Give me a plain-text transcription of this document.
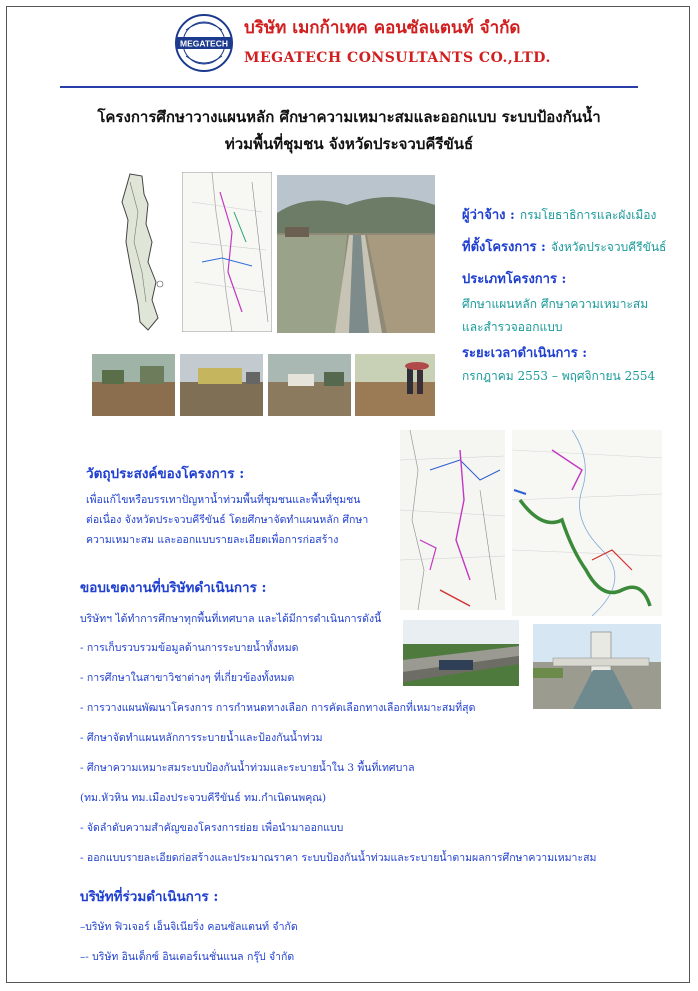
MEGATECH
บริษัท เมกก้าเทค คอนซัลแตนท์ จำกัด
MEGATECH CONSULTANTS CO.,LTD.
โครงการศึกษาวางแผนหลัก ศึกษาความเหมาะสมและออกแบบ ระบบป้องกันน้ำ
ท่วมพื้นที่ชุมชน จังหวัดประจวบคีรีขันธ์
ผู้ว่าจ้าง : กรมโยธาธิการและผังเมือง
ที่ตั้งโครงการ : จังหวัดประจวบคีรีขันธ์
ประเภทโครงการ :
ศึกษาแผนหลัก ศึกษาความเหมาะสม
และสำรวจออกแบบ
ระยะเวลาดำเนินการ :
กรกฎาคม 2553 – พฤศจิกายน 2554
วัตถุประสงค์ของโครงการ :
เพื่อแก้ไขหรือบรรเทาปัญหาน้ำท่วมพื้นที่ชุมชนและพื้นที่ชุมชน
ต่อเนื่อง จังหวัดประจวบคีรีขันธ์ โดยศึกษาจัดทำแผนหลัก ศึกษา
ความเหมาะสม และออกแบบรายละเอียดเพื่อการก่อสร้าง
ขอบเขตงานที่บริษัทดำเนินการ :
บริษัทฯ ได้ทำการศึกษาทุกพื้นที่เทศบาล และได้มีการดำเนินการดังนี้
- การเก็บรวบรวมข้อมูลด้านการระบายน้ำทั้งหมด
- การศึกษาในสาขาวิชาต่างๆ ที่เกี่ยวข้องทั้งหมด
- การวางแผนพัฒนาโครงการ การกำหนดทางเลือก การคัดเลือกทางเลือกที่เหมาะสมที่สุด
- ศึกษาจัดทำแผนหลักการระบายน้ำและป้องกันน้ำท่วม
- ศึกษาความเหมาะสมระบบป้องกันน้ำท่วมและระบายน้ำใน 3 พื้นที่เทศบาล
(ทม.หัวหิน ทม.เมืองประจวบคีรีขันธ์ ทม.กำเนิดนพคุณ)
- จัดลำดับความสำคัญของโครงการย่อย เพื่อนำมาออกแบบ
- ออกแบบรายละเอียดก่อสร้างและประมาณราคา ระบบป้องกันน้ำท่วมและระบายน้ำตามผลการศึกษาความเหมาะสม
บริษัทที่ร่วมดำเนินการ :
–บริษัท ฟิวเจอร์ เอ็นจิเนียริ่ง คอนซัลแตนท์ จำกัด
–- บริษัท อินเด็กซ์ อินเตอร์เนชั่นแนล กรุ๊ป จำกัด
